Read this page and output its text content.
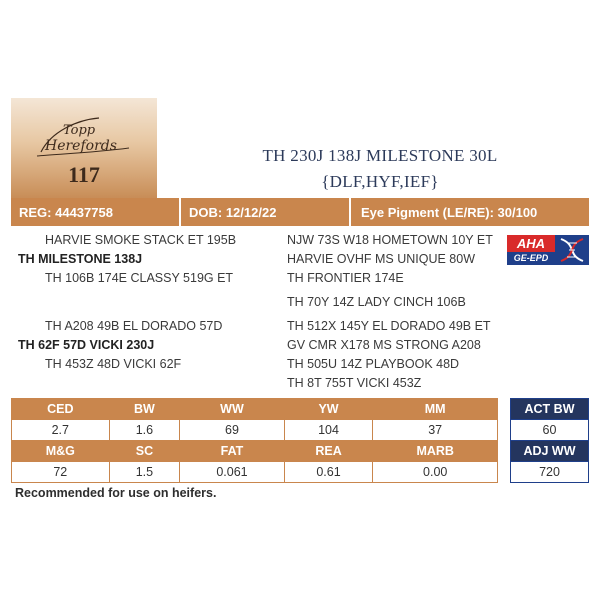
Topp
Herefords
117
TH 230J 138J MILESTONE 30L
{DLF,HYF,IEF}
REG: 44437758	DOB: 12/12/22	Eye Pigment (LE/RE): 30/100
HARVIE SMOKE STACK ET 195B
TH MILESTONE 138J
TH 106B 174E CLASSY 519G ET
TH A208 49B EL DORADO 57D
TH 62F 57D VICKI 230J
TH 453Z 48D VICKI 62F
NJW 73S W18 HOMETOWN 10Y ET
HARVIE OVHF MS UNIQUE 80W
TH FRONTIER 174E
TH 70Y 14Z LADY CINCH 106B
TH 512X 145Y EL DORADO 49B ET
GV CMR X178 MS STRONG A208
TH 505U 14Z PLAYBOOK 48D
TH 8T 755T VICKI 453Z
AHA
GE-EPD
CED	BW	WW	YW	MM
2.7	1.6	69	104	37
M&G	SC	FAT	REA	MARB
72	1.5	0.061	0.61	0.00
ACT BW
60
ADJ WW
720
Recommended for use on heifers.
